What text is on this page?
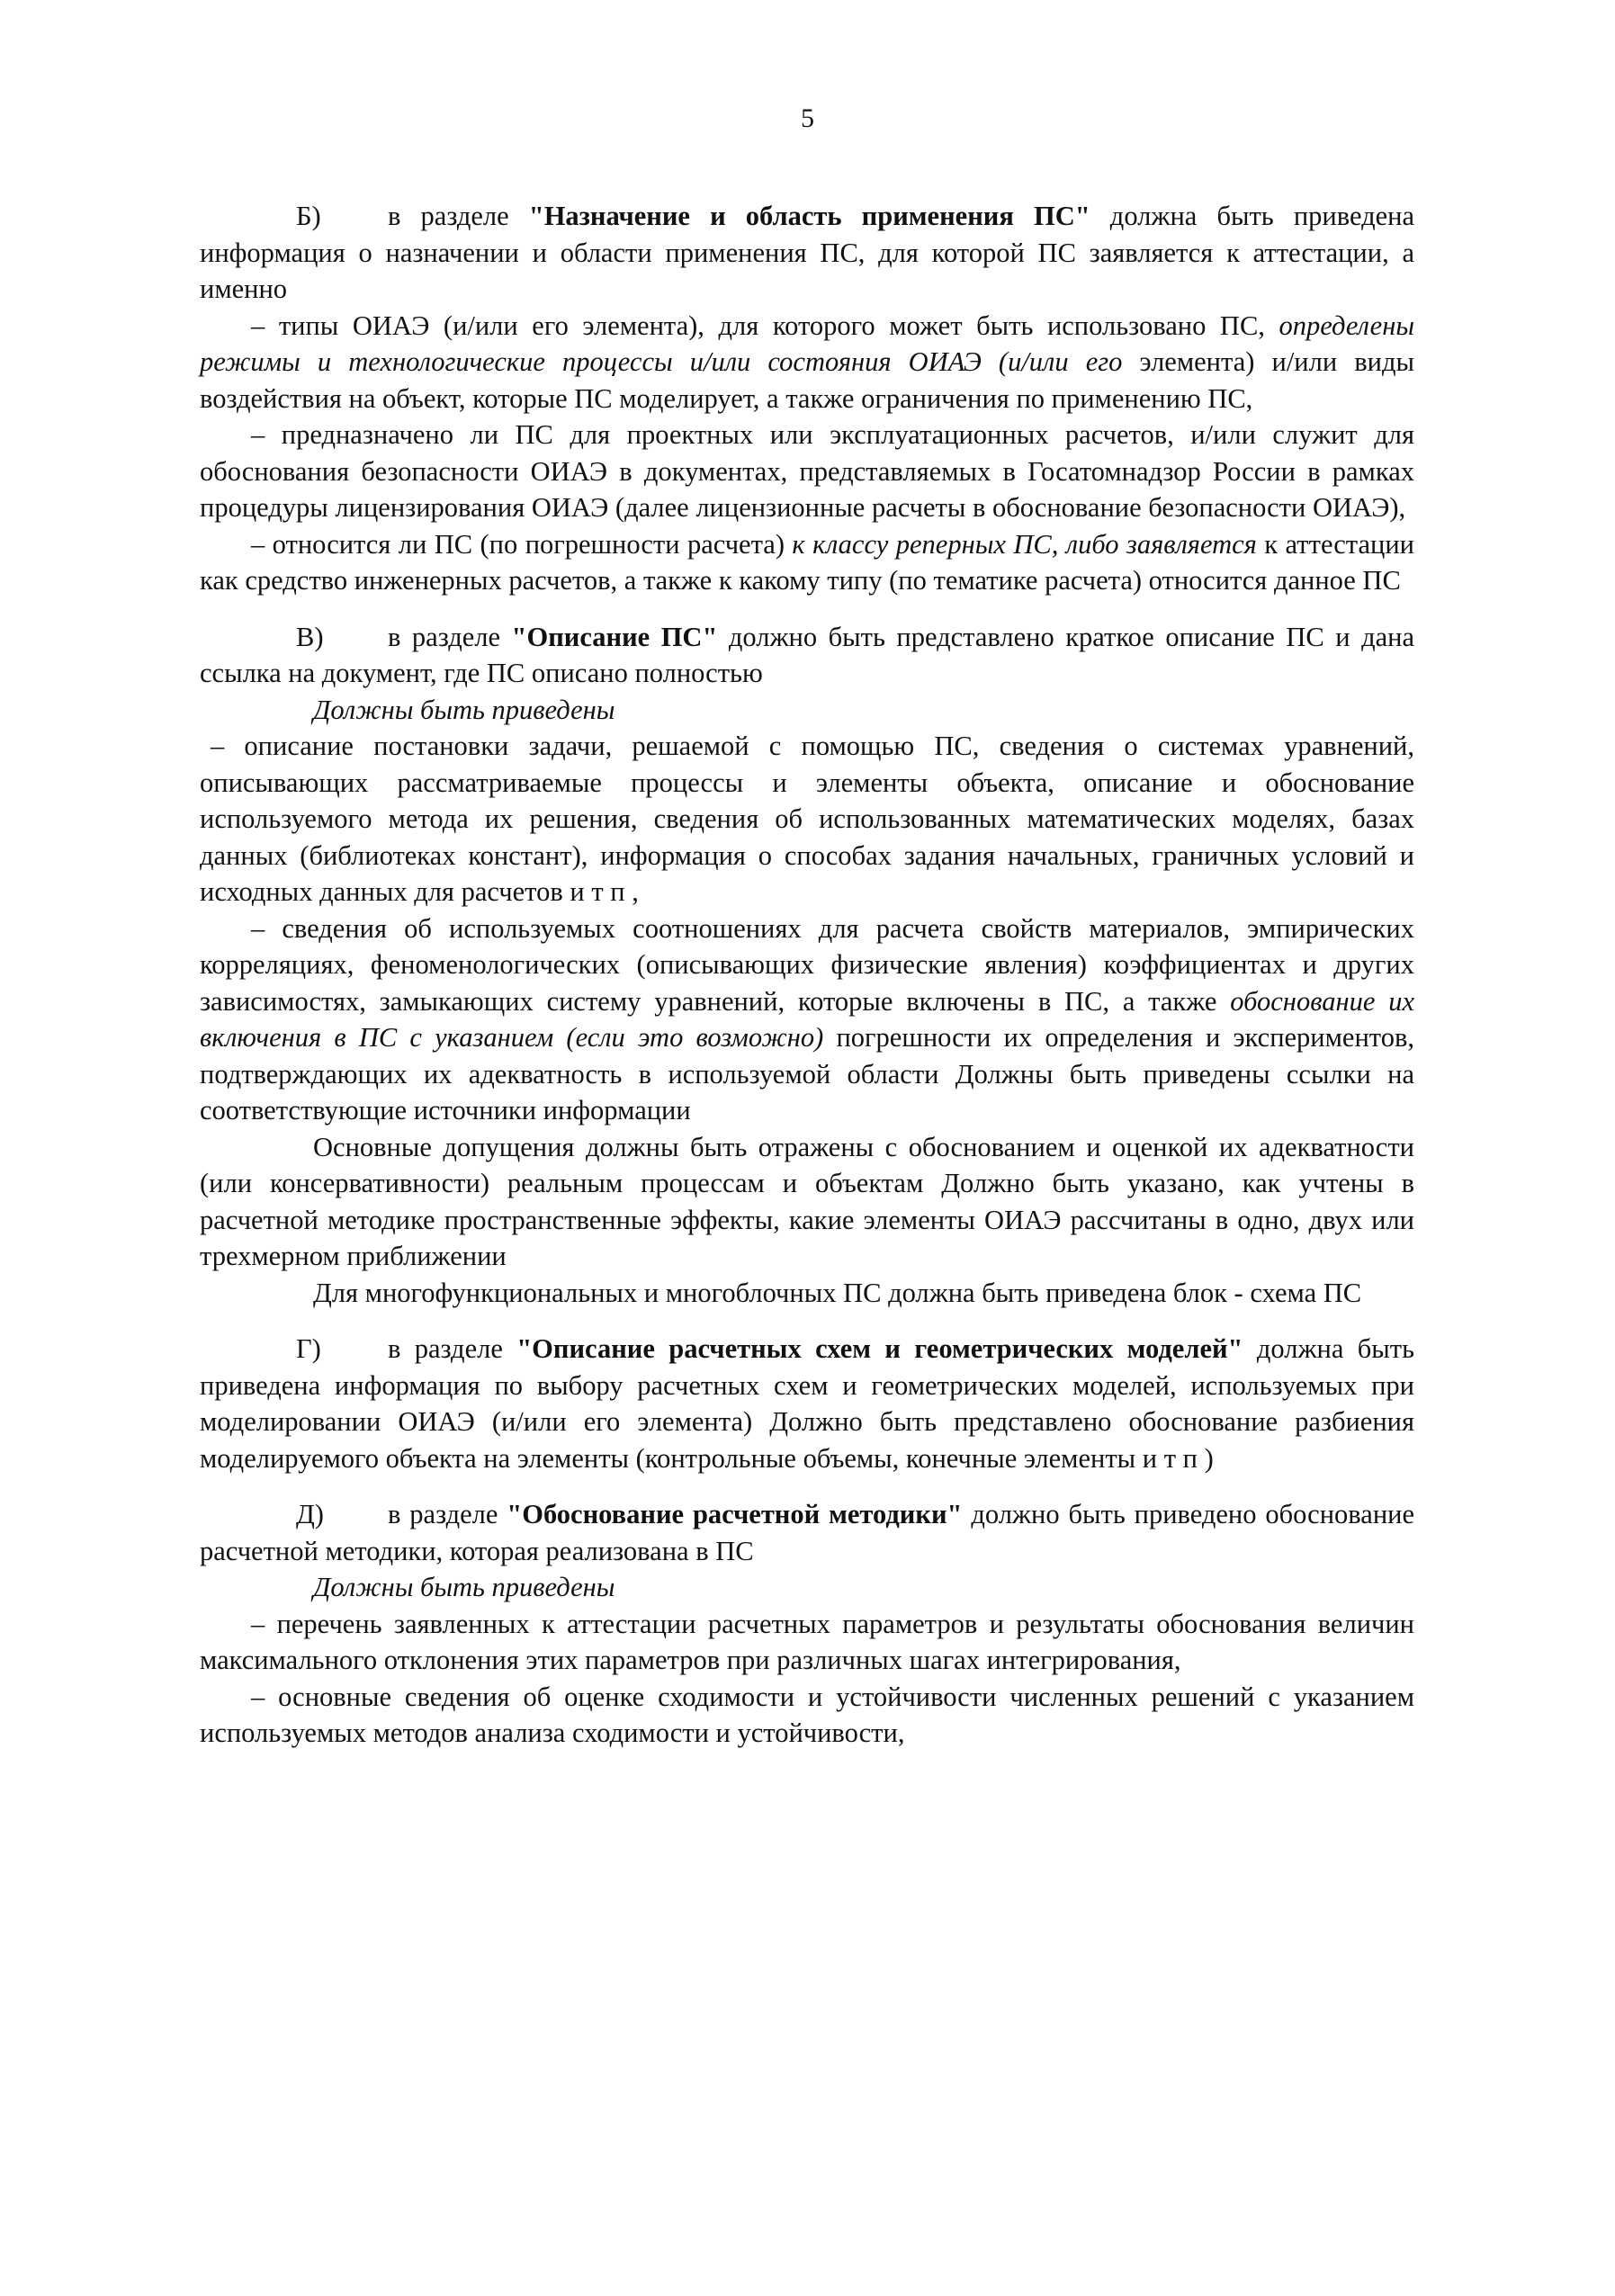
5

Б) в разделе "Назначение и область применения ПС" должна быть приведена информация о назначении и области применения ПС, для которой ПС заявляется к аттестации, а именно

– типы ОИАЭ (и/или его элемента), для которого может быть использовано ПС, определены режимы и технологические процессы и/или состояния ОИАЭ (и/или его элемента) и/или виды воздействия на объект, которые ПС моделирует, а также ограничения по применению ПС,

– предназначено ли ПС для проектных или эксплуатационных расчетов, и/или служит для обоснования безопасности ОИАЭ в документах, представляемых в Госатомнадзор России в рамках процедуры лицензирования ОИАЭ (далее лицензионные расчеты в обоснование безопасности ОИАЭ),

– относится ли ПС (по погрешности расчета) к классу реперных ПС, либо заявляется к аттестации как средство инженерных расчетов, а также к какому типу (по тематике расчета) относится данное ПС

В) в разделе "Описание ПС" должно быть представлено краткое описание ПС и дана ссылка на документ, где ПС описано полностью

Должны быть приведены

– описание постановки задачи, решаемой с помощью ПС, сведения о системах уравнений, описывающих рассматриваемые процессы и элементы объекта, описание и обоснование используемого метода их решения, сведения об использованных математических моделях, базах данных (библиотеках констант), информация о способах задания начальных, граничных условий и исходных данных для расчетов и т п ,

– сведения об используемых соотношениях для расчета свойств материалов, эмпирических корреляциях, феноменологических (описывающих физические явления) коэффициентах и других зависимостях, замыкающих систему уравнений, которые включены в ПС, а также обоснование их включения в ПС с указанием (если это возможно) погрешности их определения и экспериментов, подтверждающих их адекватность в используемой области Должны быть приведены ссылки на соответствующие источники информации

Основные допущения должны быть отражены с обоснованием и оценкой их адекватности (или консервативности) реальным процессам и объектам Должно быть указано, как учтены в расчетной методике пространственные эффекты, какие элементы ОИАЭ рассчитаны в одно, двух или трехмерном приближении

Для многофункциональных и многоблочных ПС должна быть приведена блок - схема ПС

Г) в разделе "Описание расчетных схем и геометрических моделей" должна быть приведена информация по выбору расчетных схем и геометрических моделей, используемых при моделировании ОИАЭ (и/или его элемента) Должно быть представлено обоснование разбиения моделируемого объекта на элементы (контрольные объемы, конечные элементы и т п )

Д) в разделе "Обоснование расчетной методики" должно быть приведено обоснование расчетной методики, которая реализована в ПС

Должны быть приведены

– перечень заявленных к аттестации расчетных параметров и результаты обоснования величин максимального отклонения этих параметров при различных шагах интегрирования,

– основные сведения об оценке сходимости и устойчивости численных решений с указанием используемых методов анализа сходимости и устойчивости,
